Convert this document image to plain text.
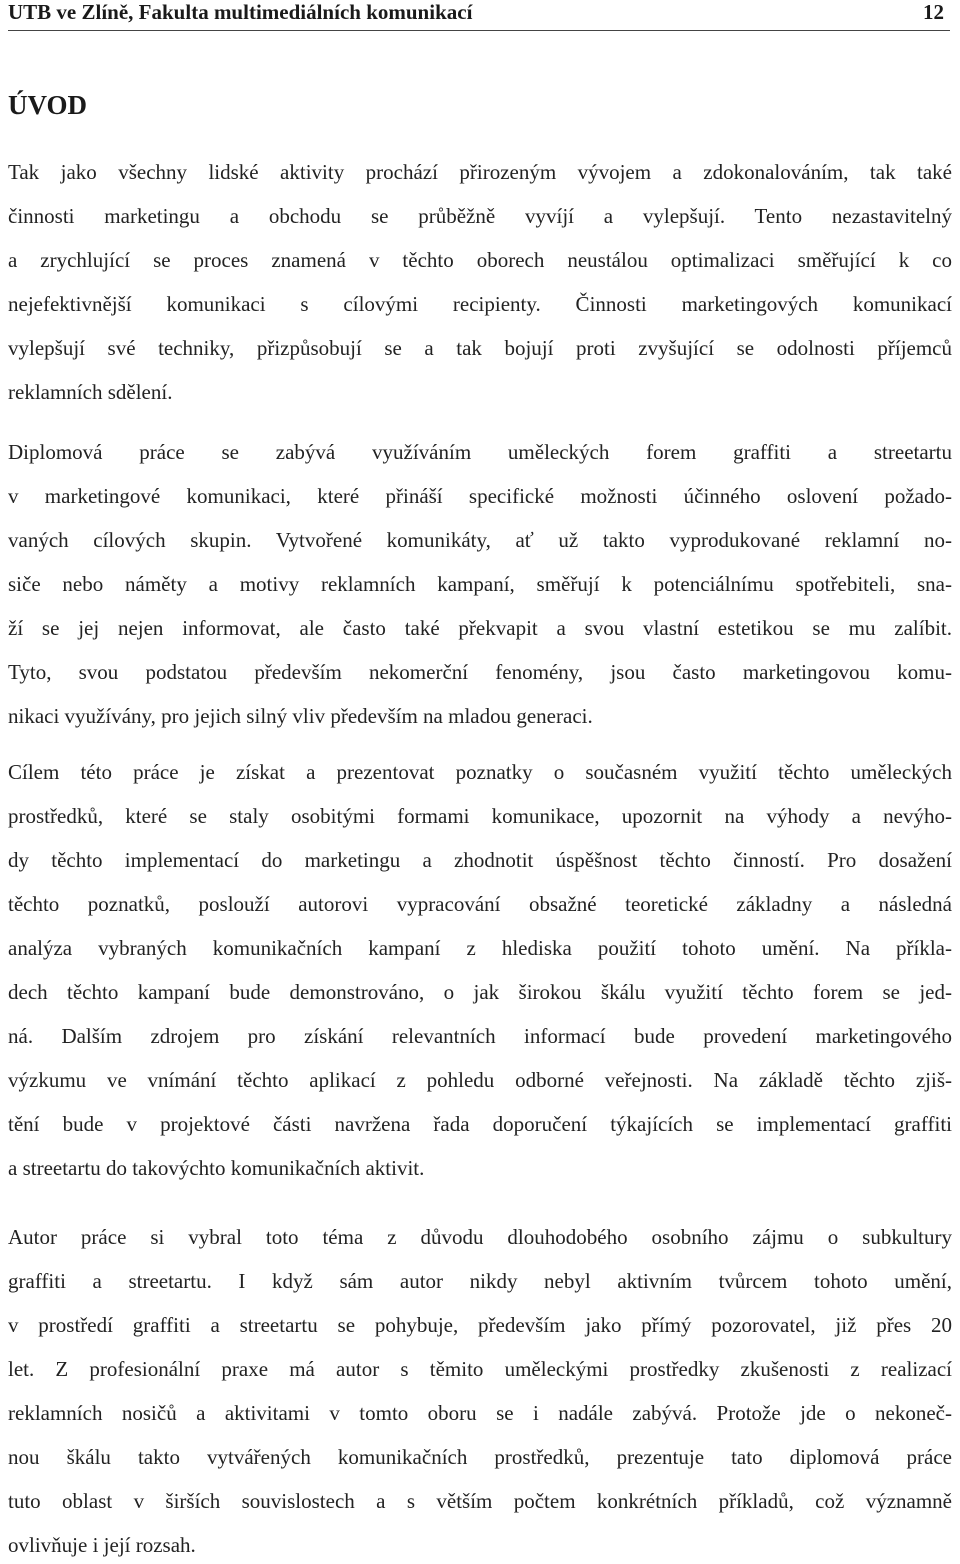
UTB ve Zlíně, Fakulta multimediálních komunikací	12
ÚVOD
Tak jako všechny lidské aktivity prochází přirozeným vývojem a zdokonalováním, tak také
činnosti marketingu a obchodu se průběžně vyvíjí a vylepšují. Tento nezastavitelný
a zrychlující se proces znamená v těchto oborech neustálou optimalizaci směřující k co
nejefektivnější komunikaci s cílovými recipienty. Činnosti marketingových komunikací
vylepšují své techniky, přizpůsobují se a tak bojují proti zvyšující se odolnosti příjemců
reklamních sdělení.
Diplomová práce se zabývá využíváním uměleckých forem graffiti a streetartu
v marketingové komunikaci, které přináší specifické možnosti účinného oslovení požado-
vaných cílových skupin. Vytvořené komunikáty, ať už takto vyprodukované reklamní no-
siče nebo náměty a motivy reklamních kampaní, směřují k potenciálnímu spotřebiteli, sna-
ží se jej nejen informovat, ale často také překvapit a svou vlastní estetikou se mu zalíbit.
Tyto, svou podstatou především nekomerční fenomény, jsou často marketingovou komu-
nikaci využívány, pro jejich silný vliv především na mladou generaci.
Cílem této práce je získat a prezentovat poznatky o současném využití těchto uměleckých
prostředků, které se staly osobitými formami komunikace, upozornit na výhody a nevýho-
dy těchto implementací do marketingu a zhodnotit úspěšnost těchto činností. Pro dosažení
těchto poznatků, poslouží autorovi vypracování obsažné teoretické základny a následná
analýza vybraných komunikačních kampaní z hlediska použití tohoto umění. Na příkla-
dech těchto kampaní bude demonstrováno, o jak širokou škálu využití těchto forem se jed-
ná. Dalším zdrojem pro získání relevantních informací bude provedení marketingového
výzkumu ve vnímání těchto aplikací z pohledu odborné veřejnosti. Na základě těchto zjiš-
tění bude v projektové části navržena řada doporučení týkajících se implementací graffiti
a streetartu do takovýchto komunikačních aktivit.
Autor práce si vybral toto téma z důvodu dlouhodobého osobního zájmu o subkultury
graffiti a streetartu. I když sám autor nikdy nebyl aktivním tvůrcem tohoto umění,
v prostředí graffiti a streetartu se pohybuje, především jako přímý pozorovatel, již přes 20
let. Z profesionální praxe má autor s těmito uměleckými prostředky zkušenosti z realizací
reklamních nosičů a aktivitami v tomto oboru se i nadále zabývá. Protože jde o nekoneč-
nou škálu takto vytvářených komunikačních prostředků, prezentuje tato diplomová práce
tuto oblast v širších souvislostech a s větším počtem konkrétních příkladů, což významně
ovlivňuje i její rozsah.
